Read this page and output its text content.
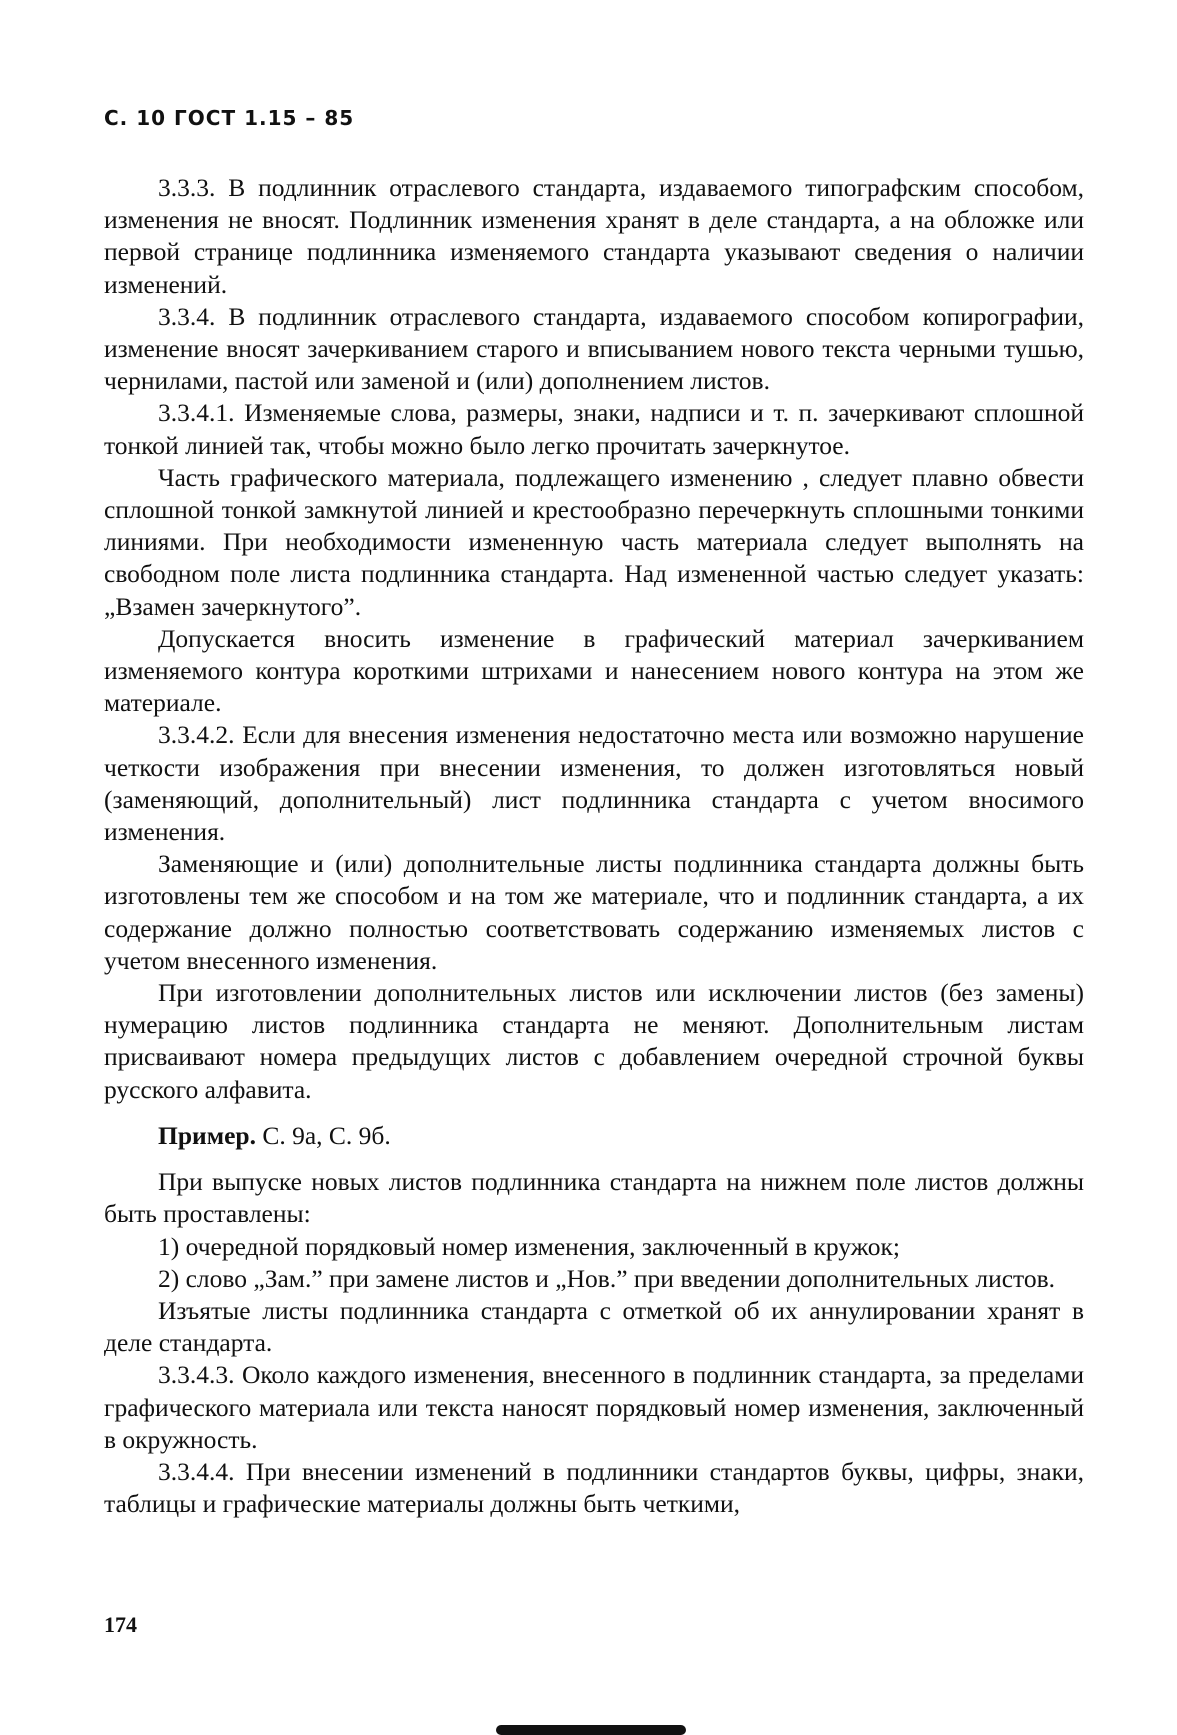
С. 10 ГОСТ 1.15 – 85

3.3.3. В подлинник отраслевого стандарта, издаваемого типографским способом, изменения не вносят. Подлинник изменения хранят в деле стандарта, а на обложке или первой странице подлинника изменяемого стандарта указывают сведения о наличии изменений.

3.3.4. В подлинник отраслевого стандарта, издаваемого способом копирографии, изменение вносят зачеркиванием старого и вписыванием нового текста черными тушью, чернилами, пастой или заменой и (или) дополнением листов.

3.3.4.1. Изменяемые слова, размеры, знаки, надписи и т. п. зачеркивают сплошной тонкой линией так, чтобы можно было легко прочитать зачеркнутое.

Часть графического материала, подлежащего изменению , следует плавно обвести сплошной тонкой замкнутой линией и крестообразно перечеркнуть сплошными тонкими линиями. При необходимости измененную часть материала следует выполнять на свободном поле листа подлинника стандарта. Над измененной частью следует указать: „Взамен зачеркнутого”.

Допускается вносить изменение в графический материал зачеркиванием изменяемого контура короткими штрихами и нанесением нового контура на этом же материале.

3.3.4.2. Если для внесения изменения недостаточно места или возможно нарушение четкости изображения при внесении изменения, то должен изготовляться новый (заменяющий, дополнительный) лист подлинника стандарта с учетом вносимого изменения.

Заменяющие и (или) дополнительные листы подлинника стандарта должны быть изготовлены тем же способом и на том же материале, что и подлинник стандарта, а их содержание должно полностью соответствовать содержанию изменяемых листов с учетом внесенного изменения.

При изготовлении дополнительных листов или исключении листов (без замены) нумерацию листов подлинника стандарта не меняют. Дополнительным листам присваивают номера предыдущих листов с добавлением очередной строчной буквы русского алфавита.

Пример. С. 9а, С. 9б.

При выпуске новых листов подлинника стандарта на нижнем поле листов должны быть проставлены:

1) очередной порядковый номер изменения, заключенный в кружок;

2) слово „Зам.” при замене листов и „Нов.” при введении дополнительных листов.

Изъятые листы подлинника стандарта с отметкой об их аннулировании хранят в деле стандарта.

3.3.4.3. Около каждого изменения, внесенного в подлинник стандарта, за пределами графического материала или текста наносят порядковый номер изменения, заключенный в окружность.

3.3.4.4. При внесении изменений в подлинники стандартов буквы, цифры, знаки, таблицы и графические материалы должны быть четкими,

174
